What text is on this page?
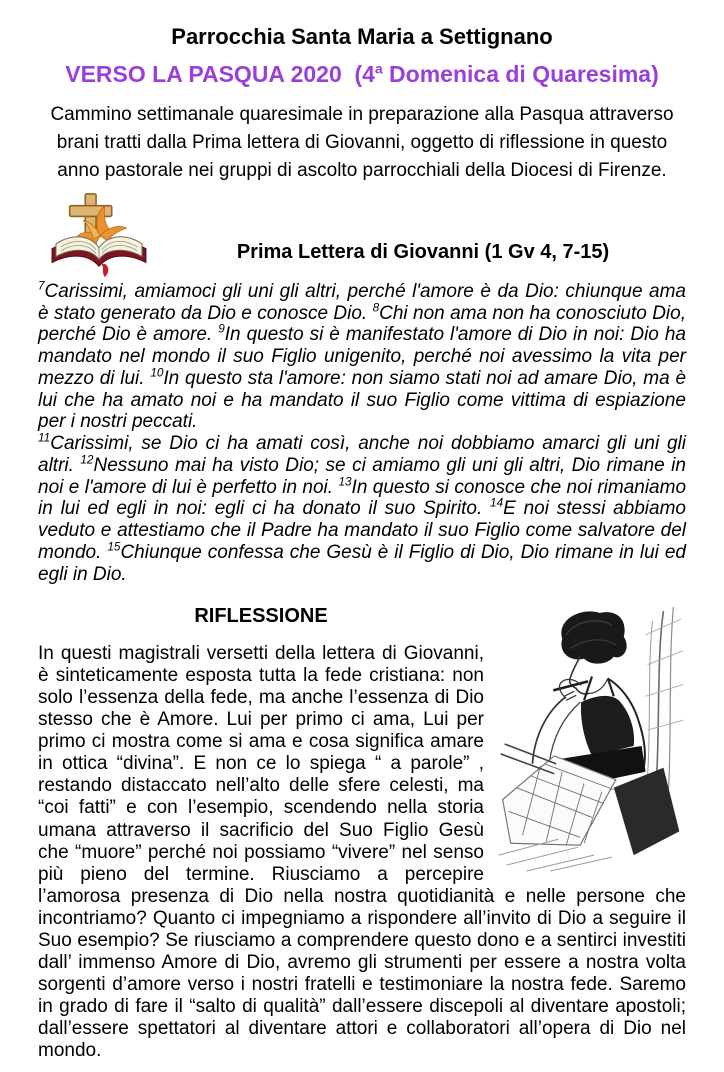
Parrocchia Santa Maria a Settignano
VERSO LA PASQUA 2020  (4$^a$ Domenica di Quaresima)

Cammino settimanale quaresimale in preparazione alla Pasqua attraverso brani tratti dalla Prima lettera di Giovanni, oggetto di riflessione in questo anno pastorale nei gruppi di ascolto parrocchiali della Diocesi di Firenze.

Prima Lettera di Giovanni (1 Gv 4, 7-15)

$^7$Carissimi, amiamoci gli uni gli altri, perché l'amore è da Dio: chiunque ama è stato generato da Dio e conosce Dio. $^8$Chi non ama non ha conosciuto Dio, perché Dio è amore. $^9$In questo si è manifestato l'amore di Dio in noi: Dio ha mandato nel mondo il suo Figlio unigenito, perché noi avessimo la vita per mezzo di lui. $^{10}$In questo sta l'amore: non siamo stati noi ad amare Dio, ma è lui che ha amato noi e ha mandato il suo Figlio come vittima di espiazione per i nostri peccati.

$^{11}$Carissimi, se Dio ci ha amati così, anche noi dobbiamo amarci gli uni gli altri. $^{12}$Nessuno mai ha visto Dio; se ci amiamo gli uni gli altri, Dio rimane in noi e l'amore di lui è perfetto in noi. $^{13}$In questo si conosce che noi rimaniamo in lui ed egli in noi: egli ci ha donato il suo Spirito. $^{14}$E noi stessi abbiamo veduto e attestiamo che il Padre ha mandato il suo Figlio come salvatore del mondo. $^{15}$Chiunque confessa che Gesù è il Figlio di Dio, Dio rimane in lui ed egli in Dio.

RIFLESSIONE

In questi magistrali versetti della lettera di Giovanni, è sinteticamente esposta tutta la fede cristiana: non solo l’essenza della fede, ma anche l’essenza di Dio stesso che è Amore. Lui per primo ci ama, Lui per primo ci mostra come si ama e cosa significa amare in ottica “divina”. E non ce lo spiega “ a parole” , restando distaccato nell’alto delle sfere celesti, ma “coi fatti” e con l’esempio, scendendo nella storia umana attraverso il sacrificio del Suo Figlio Gesù che “muore” perché noi possiamo “vivere” nel senso più pieno del termine. Riusciamo a percepire l’amorosa presenza di Dio nella nostra quotidianità e nelle persone che incontriamo? Quanto ci impegniamo a rispondere all’invito di Dio a seguire il Suo esempio? Se riusciamo a comprendere questo dono e a sentirci investiti dall’ immenso Amore di Dio, avremo gli strumenti per essere a nostra volta sorgenti d’amore verso i nostri fratelli e testimoniare la nostra fede. Saremo in grado di fare il “salto di qualità” dall’essere discepoli al diventare apostoli; dall’essere spettatori al diventare attori e collaboratori all’opera di Dio nel mondo.
